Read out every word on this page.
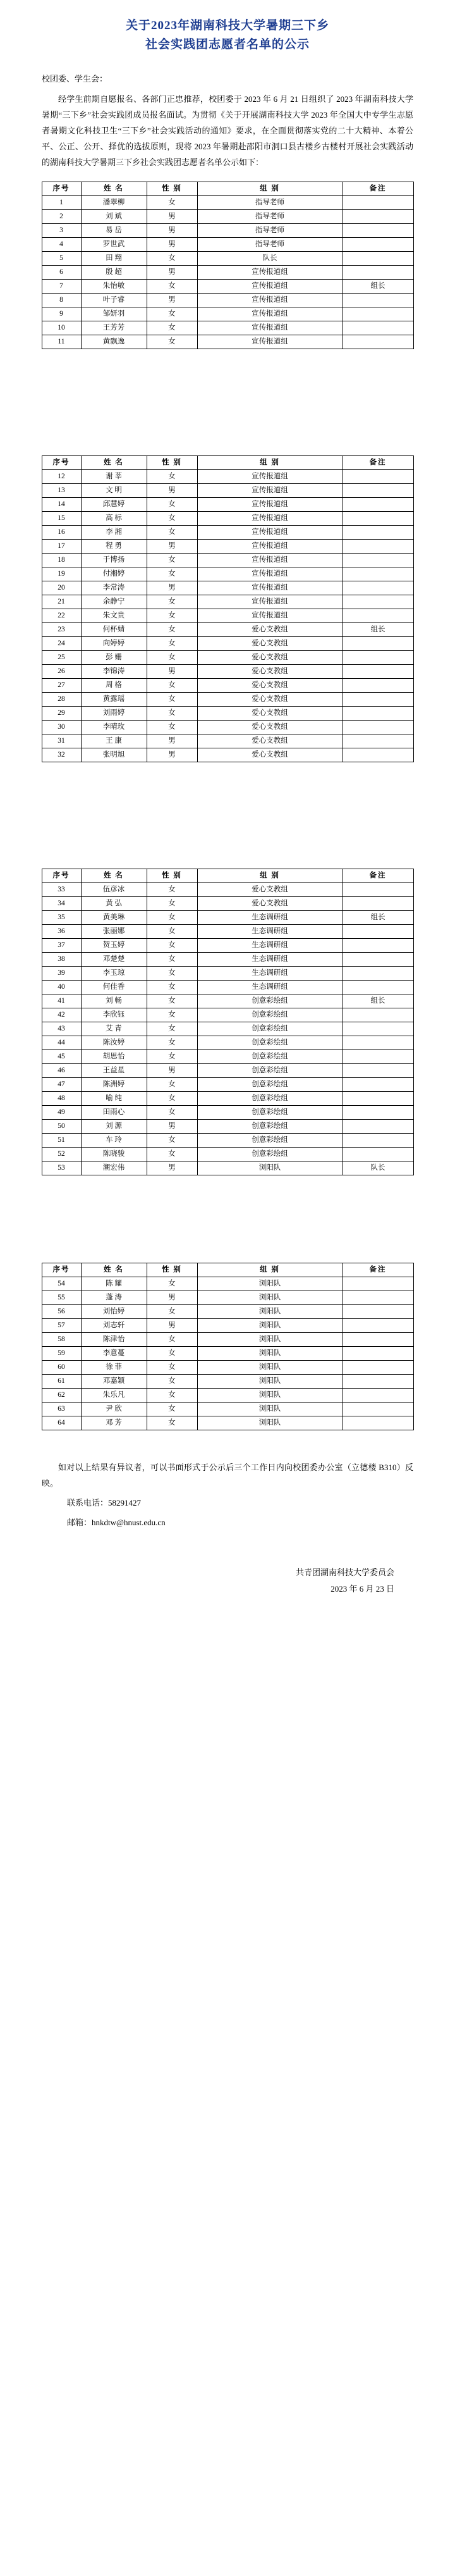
关于2023年湖南科技大学暑期三下乡
社会实践团志愿者名单的公示
校团委、学生会：
经学生前期自愿报名、各部门正忠推荐，校团委于 2023 年 6 月 21 日组织了 2023 年湖南科技大学暑期“三下乡”社会实践团成员报名面试。为贯彻《关于开展湖南科技大学 2023 年全国大中专学生志愿者暑期文化科技卫生“三下乡”社会实践活动的通知》要求，在全面贯彻落实党的二十大精神、本着公平、公正、公开、择优的选拔原则，现将 2023 年暑期赴邵阳市洞口县古楼乡古楼村开展社会实践活动的湖南科技大学暑期三下乡社会实践团志愿者名单公示如下：
序号	姓 名	性 别	组 别	备注
1	潘翠柳	女	指导老师	
2	刘 斌	男	指导老师	
3	易 岳	男	指导老师	
4	罗世武	男	指导老师	
5	田 翔	女	队长	
6	殷 超	男	宣传报道组	
7	朱怡敏	女	宣传报道组	组长
8	叶子睿	男	宣传报道组	
9	邹妍羽	女	宣传报道组	
10	王芳芳	女	宣传报道组	
11	黄飘逸	女	宣传报道组	
序号	姓 名	性 别	组 别	备注
12	谢 莘	女	宣传报道组	
13	文 明	男	宣传报道组	
14	邱慧婷	女	宣传报道组	
15	高 标	女	宣传报道组	
16	李 湘	女	宣传报道组	
17	程 勇	男	宣传报道组	
18	于博扬	女	宣传报道组	
19	付湘婷	女	宣传报道组	
20	李常涛	男	宣传报道组	
21	余静宁	女	宣传报道组	
22	朱文贵	女	宣传报道组	
23	何杯婧	女	爱心支教组	组长
24	向婷婷	女	爱心支教组	
25	彭 姗	女	爱心支教组	
26	李锦涛	男	爱心支教组	
27	周 格	女	爱心支教组	
28	黄露瑶	女	爱心支教组	
29	刘雨婷	女	爱心支教组	
30	李晴玫	女	爱心支教组	
31	王 康	男	爱心支教组	
32	张明旭	男	爱心支教组	
序号	姓 名	性 别	组 别	备注
33	伍彦冰	女	爱心支教组	
34	黄 弘	女	爱心支教组	
35	黄美琳	女	生态调研组	组长
36	张丽娜	女	生态调研组	
37	贺玉婷	女	生态调研组	
38	邓楚楚	女	生态调研组	
39	李玉琼	女	生态调研组	
40	何佳香	女	生态调研组	
41	刘 畅	女	创意彩绘组	组长
42	李欣钰	女	创意彩绘组	
43	艾 青	女	创意彩绘组	
44	陈汝婷	女	创意彩绘组	
45	胡思怡	女	创意彩绘组	
46	王益星	男	创意彩绘组	
47	陈洲婷	女	创意彩绘组	
48	喻 纯	女	创意彩绘组	
49	田雨心	女	创意彩绘组	
50	刘 源	男	创意彩绘组	
51	车 玲	女	创意彩绘组	
52	陈晓骏	女	创意彩绘组	
53	潮宏伟	男	浏阳队	队长
序号	姓 名	性 别	组 别	备注
54	陈 耀	女	浏阳队	
55	蓬 涛	男	浏阳队	
56	刘怡婷	女	浏阳队	
57	刘志轩	男	浏阳队	
58	陈津怡	女	浏阳队	
59	李意蔓	女	浏阳队	
60	徐 菲	女	浏阳队	
61	邓嘉颖	女	浏阳队	
62	朱乐凡	女	浏阳队	
63	尹 欣	女	浏阳队	
64	邓 芳	女	浏阳队	
如对以上结果有异议者，可以书面形式于公示后三个工作日内向校团委办公室（立德楼 B310）反映。
联系电话：58291427
邮箱：hnkdtw@hnust.edu.cn
共青团湖南科技大学委员会
2023 年 6 月 23 日
